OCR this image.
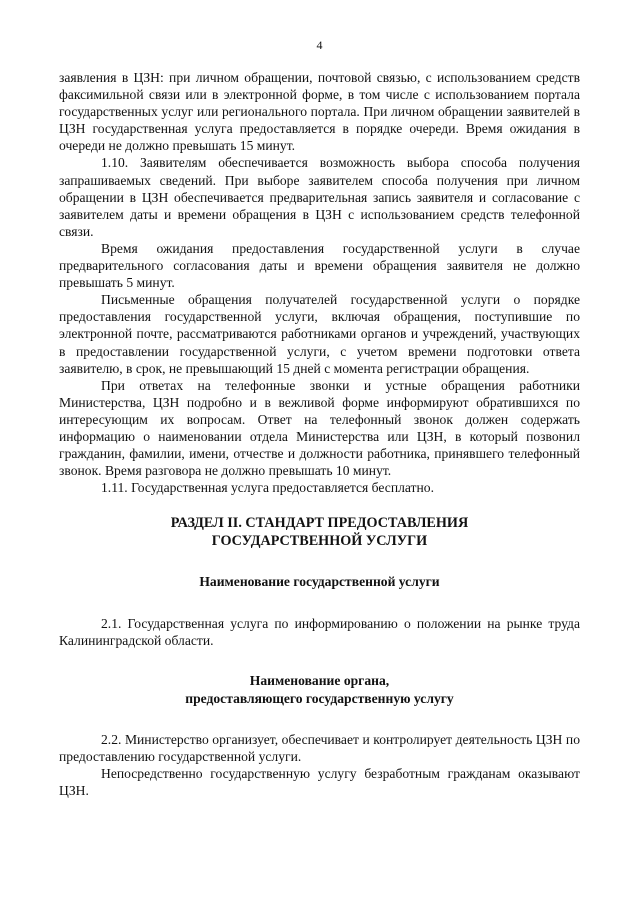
4

заявления в ЦЗН: при личном обращении, почтовой связью, с использованием средств факсимильной связи или в электронной форме, в том числе с использованием портала государственных услуг или регионального портала. При личном обращении заявителей в ЦЗН государственная услуга предоставляется в порядке очереди. Время ожидания в очереди не должно превышать 15 минут.

1.10. Заявителям обеспечивается возможность выбора способа получения запрашиваемых сведений. При выборе заявителем способа получения при личном обращении в ЦЗН обеспечивается предварительная запись заявителя и согласование с заявителем даты и времени обращения в ЦЗН с использованием средств телефонной связи.

Время ожидания предоставления государственной услуги в случае предварительного согласования даты и времени обращения заявителя не должно превышать 5 минут.

Письменные обращения получателей государственной услуги о порядке предоставления государственной услуги, включая обращения, поступившие по электронной почте, рассматриваются работниками органов и учреждений, участвующих в предоставлении государственной услуги, с учетом времени подготовки ответа заявителю, в срок, не превышающий 15 дней с момента регистрации обращения.

При ответах на телефонные звонки и устные обращения работники Министерства, ЦЗН подробно и в вежливой форме информируют обратившихся по интересующим их вопросам. Ответ на телефонный звонок должен содержать информацию о наименовании отдела Министерства или ЦЗН, в который позвонил гражданин, фамилии, имени, отчестве и должности работника, принявшего телефонный звонок. Время разговора не должно превышать 10 минут.

1.11. Государственная услуга предоставляется бесплатно.

РАЗДЕЛ II. СТАНДАРТ ПРЕДОСТАВЛЕНИЯ
ГОСУДАРСТВЕННОЙ УСЛУГИ
Наименование государственной услуги

2.1. Государственная услуга по информированию о положении на рынке труда Калининградской области.

Наименование органа,
предоставляющего государственную услугу

2.2. Министерство организует, обеспечивает и контролирует деятельность ЦЗН по предоставлению государственной услуги.

Непосредственно государственную услугу безработным гражданам оказывают ЦЗН.
